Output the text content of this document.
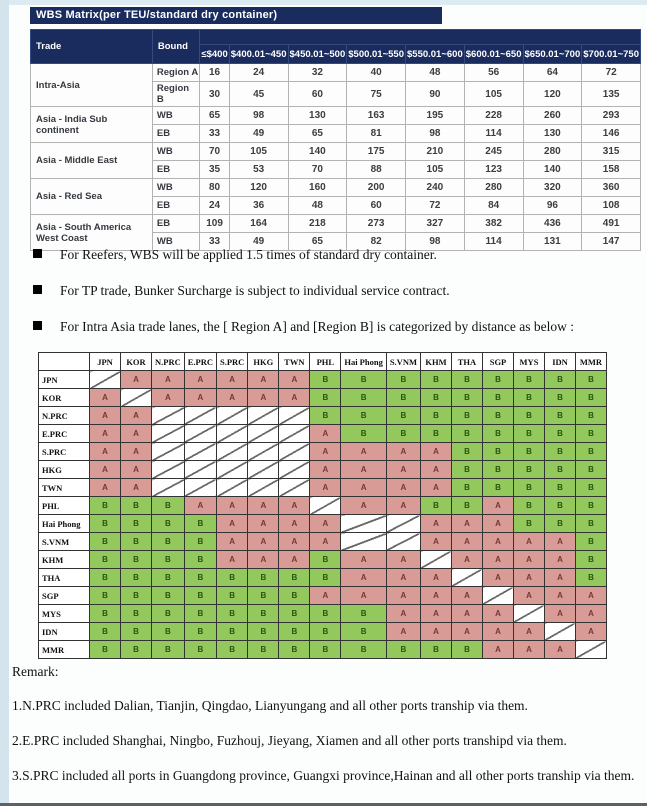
WBS Matrix(per TEU/standard dry container)
Trade	Bound								
		≤$400	$400.01~450	$450.01~500	$500.01~550	$550.01~600	$600.01~650	$650.01~700	$700.01~750
Intra-Asia	Region A	16	24	32	40	48	56	64	72
	Region B	30	45	60	75	90	105	120	135
Asia - India Sub continent	WB	65	98	130	163	195	228	260	293
	EB	33	49	65	81	98	114	130	146
Asia - Middle East	WB	70	105	140	175	210	245	280	315
	EB	35	53	70	88	105	123	140	158
Asia - Red Sea	WB	80	120	160	200	240	280	320	360
	EB	24	36	48	60	72	84	96	108
Asia - South America West Coast	EB	109	164	218	273	327	382	436	491
	WB	33	49	65	82	98	114	131	147
For Reefers, WBS will be applied 1.5 times of standard dry container.
For TP trade, Bunker Surcharge is subject to individual service contract.
For Intra Asia trade lanes, the [ Region A] and [Region B] is categorized by distance as below :
	JPN	KOR	N.PRC	E.PRC	S.PRC	HKG	TWN	PHL	Hai Phong	S.VNM	KHM	THA	SGP	MYS	IDN	MMR
JPN		A	A	A	A	A	A	B	B	B	B	B	B	B	B	B
KOR	A		A	A	A	A	A	B	B	B	B	B	B	B	B	B
N.PRC	A	A						B	B	B	B	B	B	B	B	B
E.PRC	A	A						A	B	B	B	B	B	B	B	B
S.PRC	A	A						A	A	A	A	B	B	B	B	B
HKG	A	A						A	A	A	A	B	B	B	B	B
TWN	A	A						A	A	A	A	B	B	B	B	B
PHL	B	B	B	A	A	A	A		A	A	B	B	A	B	B	B
Hai Phong	B	B	B	B	A	A	A	A			A	A	A	B	B	B
S.VNM	B	B	B	B	A	A	A	A			A	A	A	A	A	B
KHM	B	B	B	B	A	A	A	B	A	A		A	A	A	A	B
THA	B	B	B	B	B	B	B	B	A	A	A		A	A	A	B
SGP	B	B	B	B	B	B	B	A	A	A	A	A		A	A	A
MYS	B	B	B	B	B	B	B	B	B	A	A	A	A		A	A
IDN	B	B	B	B	B	B	B	B	B	A	A	A	A	A		A
MMR	B	B	B	B	B	B	B	B	B	B	B	B	A	A	A	
Remark:

1.N.PRC included Dalian, Tianjin, Qingdao, Lianyungang and all other ports tranship via them.

2.E.PRC included Shanghai, Ningbo, Fuzhouj, Jieyang, Xiamen and all other ports transhipd via them.

3.S.PRC included all ports in Guangdong province, Guangxi province,Hainan and all other ports tranship via them.
